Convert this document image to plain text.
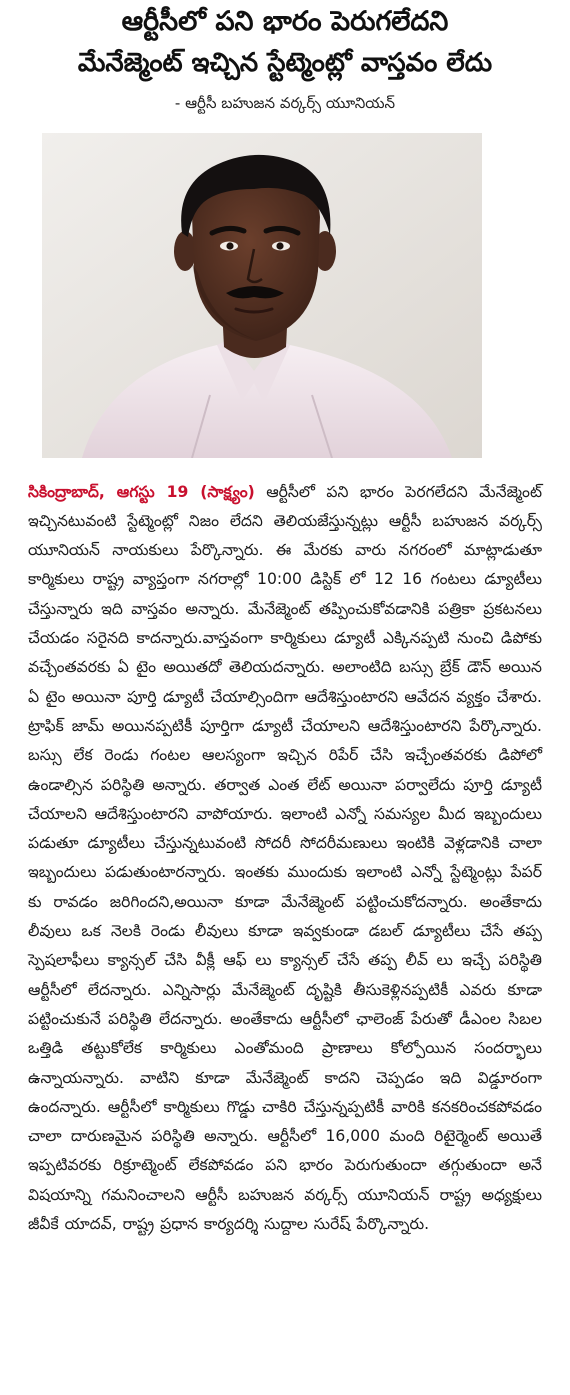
ఆర్టీసీలో పని భారం పెరుగలేదని
మేనేజ్మెంట్ ఇచ్చిన స్టేట్మెంట్లో వాస్తవం లేదు
- ఆర్టీసీ బహుజన వర్కర్స్ యూనియన్

సికింద్రాబాద్, ఆగస్టు 19 (సాక్ష్యం) ఆర్టీసీలో పని భారం పెరగలేదని మేనేజ్మెంట్ ఇచ్చినటువంటి స్టేట్మెంట్లో నిజం లేదని తెలియజేస్తున్నట్లు ఆర్టీసీ బహుజన వర్కర్స్ యూనియన్ నాయకులు పేర్కొన్నారు. ఈ మేరకు వారు నగరంలో మాట్లాడుతూ కార్మికులు రాష్ట్ర వ్యాప్తంగా నగరాల్లో 10:00 డిస్టిక్ లో 12 16 గంటలు డ్యూటీలు చేస్తున్నారు ఇది వాస్తవం అన్నారు. మేనేజ్మెంట్ తప్పించుకోవడానికి పత్రికా ప్రకటనలు చేయడం సరైనది కాదన్నారు.వాస్తవంగా కార్మికులు డ్యూటీ ఎక్కినప్పటి నుంచి డిపోకు వచ్చేంతవరకు ఏ టైం అయితదో తెలియదన్నారు. అలాంటిది బస్సు బ్రేక్ డౌన్ అయిన ఏ టైం అయినా పూర్తి డ్యూటీ చేయాల్సిందిగా ఆదేశిస్తుంటారని ఆవేదన వ్యక్తం చేశారు. ట్రాఫిక్ జామ్ అయినప్పటికీ పూర్తిగా డ్యూటీ చేయాలని ఆదేశిస్తుంటారని పేర్కొన్నారు. బస్సు లేక రెండు గంటల ఆలస్యంగా ఇచ్చిన రిపేర్ చేసి ఇచ్చేంతవరకు డిపోలో ఉండాల్సిన పరిస్థితి అన్నారు. తర్వాత ఎంత లేట్ అయినా పర్వాలేదు పూర్తి డ్యూటీ చేయాలని ఆదేశిస్తుంటారని వాపోయారు. ఇలాంటి ఎన్నో సమస్యల మీద ఇబ్బందులు పడుతూ డ్యూటీలు చేస్తున్నటువంటి సోదరీ సోదరీమణులు ఇంటికి వెళ్లడానికి చాలా ఇబ్బందులు పడుతుంటారన్నారు. ఇంతకు ముందుకు ఇలాంటి ఎన్నో స్టేట్మెంట్లు పేపర్ కు రావడం జరిగిందని,అయినా కూడా మేనేజ్మెంట్ పట్టించుకోదన్నారు. అంతేకాదు లీవులు ఒక నెలకి రెండు లీవులు కూడా ఇవ్వకుండా డబల్ డ్యూటీలు చేసే తప్ప స్పెషలాఫీలు క్యాన్సల్ చేసి వీక్లీ ఆఫ్ లు క్యాన్సల్ చేసే తప్ప లీవ్ లు ఇచ్చే పరిస్థితి ఆర్టీసీలో లేదన్నారు. ఎన్నిసార్లు మేనేజ్మెంట్ దృష్టికి తీసుకెళ్లినప్పటికీ ఎవరు కూడా పట్టించుకునే పరిస్థితి లేదన్నారు. అంతేకాదు ఆర్టీసీలో ఛాలెంజ్ పేరుతో డీఎంల సిబల ఒత్తిడి తట్టుకోలేక కార్మికులు ఎంతోమంది ప్రాణాలు కోల్పోయిన సందర్భాలు ఉన్నాయన్నారు. వాటిని కూడా మేనేజ్మెంట్ కాదని చెప్పడం ఇది విడ్డూరంగా ఉందన్నారు. ఆర్టీసీలో కార్మికులు గొడ్డు చాకిరి చేస్తున్నప్పటికీ వారికి కనకరించకపోవడం చాలా దారుణమైన పరిస్థితి అన్నారు. ఆర్టీసీలో 16,000 మంది రిటైర్మెంట్ అయితే ఇప్పటివరకు రిక్రూట్మెంట్ లేకపోవడం పని భారం పెరుగుతుందా తగ్గుతుందా అనే విషయాన్ని గమనించాలని ఆర్టీసీ బహుజన వర్కర్స్ యూనియన్ రాష్ట్ర అధ్యక్షులు జీవీకే యాదవ్, రాష్ట్ర ప్రధాన కార్యదర్శి సుద్దాల సురేష్ పేర్కొన్నారు.
